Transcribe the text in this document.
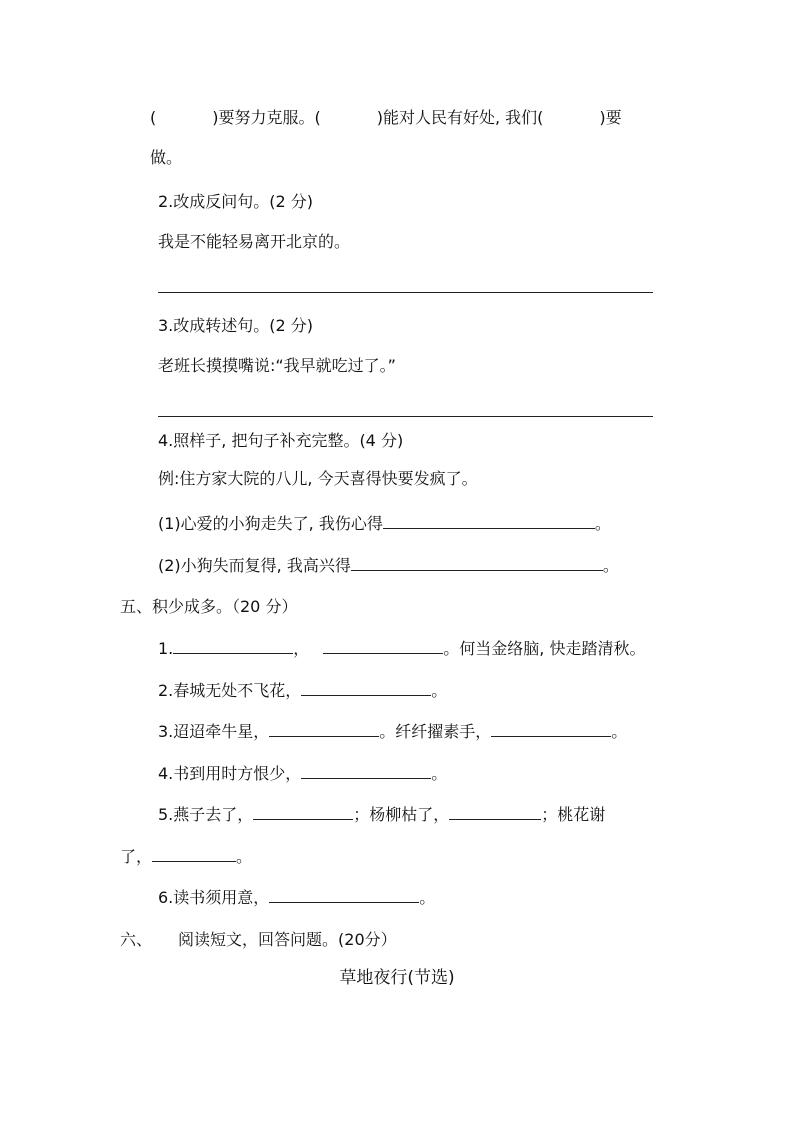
(	)要努力克服。(	)能对人民有好处, 我们(	)要
做。
2.改成反问句。(2 分)
我是不能轻易离开北京的。
3.改成转述句。(2 分)
老班长摸摸嘴说:“我早就吃过了。”
4.照样子, 把句子补充完整。(4 分)
例:住方家大院的八儿, 今天喜得快要发疯了。
(1)心爱的小狗走失了, 我伤心得	。
(2)小狗失而复得, 我高兴得	。
五、积少成多。（20 分）
1.	，	。何当金络脑, 快走踏清秋。
2.春城无处不飞花，	。
3.迢迢牵牛星，	。纤纤擢素手，	。
4.书到用时方恨少，	。
5.燕子去了，	；杨柳枯了，	；桃花谢
了，	。
6.读书须用意，	。
六、 阅读短文，回答问题。(20分）
草地夜行(节选)
